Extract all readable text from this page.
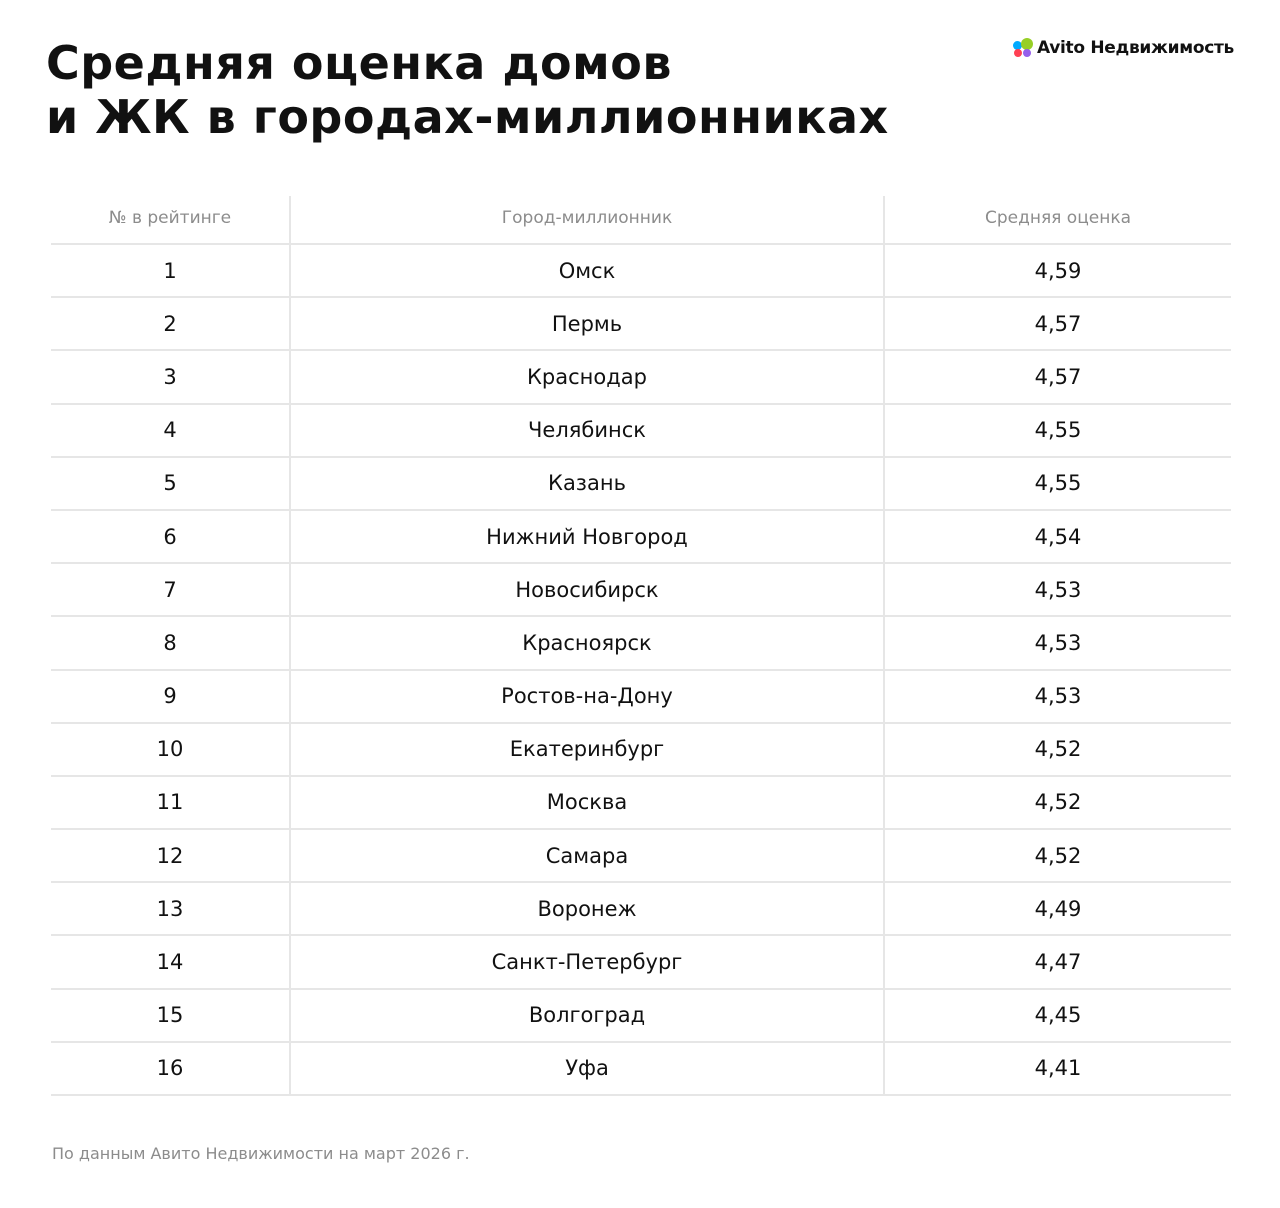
Средняя оценка домов
и ЖК в городах-миллионниках
Avito Недвижимость
№ в рейтинге	Город-миллионник	Средняя оценка
1	Омск	4,59
2	Пермь	4,57
3	Краснодар	4,57
4	Челябинск	4,55
5	Казань	4,55
6	Нижний Новгород	4,54
7	Новосибирск	4,53
8	Красноярск	4,53
9	Ростов-на-Дону	4,53
10	Екатеринбург	4,52
11	Москва	4,52
12	Самара	4,52
13	Воронеж	4,49
14	Санкт-Петербург	4,47
15	Волгоград	4,45
16	Уфа	4,41
По данным Авито Недвижимости на март 2026 г.
